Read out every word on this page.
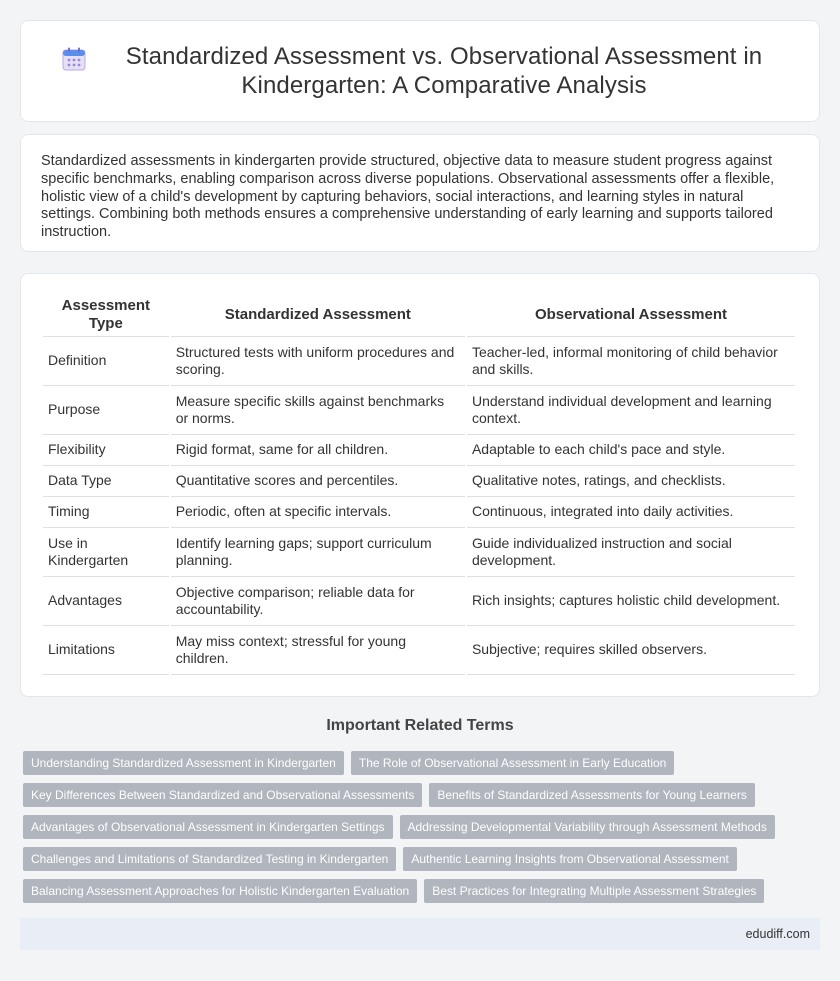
Standardized Assessment vs. Observational Assessment in Kindergarten: A Comparative Analysis

Standardized assessments in kindergarten provide structured, objective data to measure student progress against specific benchmarks, enabling comparison across diverse populations. Observational assessments offer a flexible, holistic view of a child's development by capturing behaviors, social interactions, and learning styles in natural settings. Combining both methods ensures a comprehensive understanding of early learning and supports tailored instruction.

Assessment Type	Standardized Assessment	Observational Assessment
Definition	Structured tests with uniform procedures and scoring.	Teacher-led, informal monitoring of child behavior and skills.
Purpose	Measure specific skills against benchmarks or norms.	Understand individual development and learning context.
Flexibility	Rigid format, same for all children.	Adaptable to each child's pace and style.
Data Type	Quantitative scores and percentiles.	Qualitative notes, ratings, and checklists.
Timing	Periodic, often at specific intervals.	Continuous, integrated into daily activities.
Use in Kindergarten	Identify learning gaps; support curriculum planning.	Guide individualized instruction and social development.
Advantages	Objective comparison; reliable data for accountability.	Rich insights; captures holistic child development.
Limitations	May miss context; stressful for young children.	Subjective; requires skilled observers.
Important Related Terms
Understanding Standardized Assessment in Kindergarten	The Role of Observational Assessment in Early Education
Key Differences Between Standardized and Observational Assessments	Benefits of Standardized Assessments for Young Learners
Advantages of Observational Assessment in Kindergarten Settings	Addressing Developmental Variability through Assessment Methods
Challenges and Limitations of Standardized Testing in Kindergarten	Authentic Learning Insights from Observational Assessment
Balancing Assessment Approaches for Holistic Kindergarten Evaluation	Best Practices for Integrating Multiple Assessment Strategies
edudiff.com
